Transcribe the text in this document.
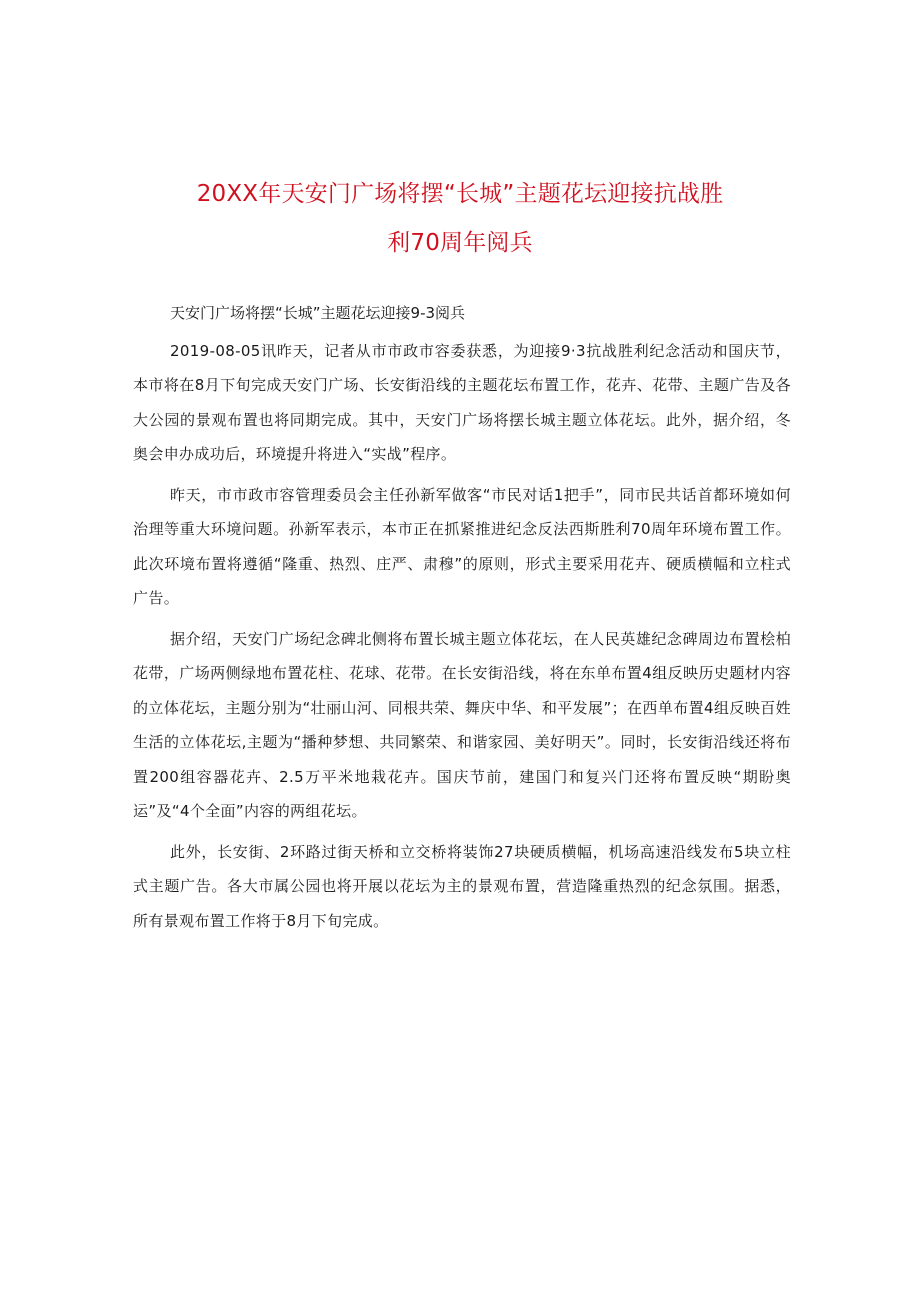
20XX年天安门广场将摆“长城”主题花坛迎接抗战胜
利70周年阅兵

天安门广场将摆“长城”主题花坛迎接9-3阅兵

2019-08-05讯昨天，记者从市市政市容委获悉，为迎接9·3抗战胜利纪念活动和国庆节，本市将在8月下旬完成天安门广场、长安街沿线的主题花坛布置工作，花卉、花带、主题广告及各大公园的景观布置也将同期完成。其中，天安门广场将摆长城主题立体花坛。此外，据介绍，冬奥会申办成功后，环境提升将进入“实战”程序。

昨天，市市政市容管理委员会主任孙新军做客“市民对话1把手”，同市民共话首都环境如何治理等重大环境问题。孙新军表示，本市正在抓紧推进纪念反法西斯胜利70周年环境布置工作。此次环境布置将遵循“隆重、热烈、庄严、肃穆”的原则，形式主要采用花卉、硬质横幅和立柱式广告。

据介绍，天安门广场纪念碑北侧将布置长城主题立体花坛，在人民英雄纪念碑周边布置桧柏花带，广场两侧绿地布置花柱、花球、花带。在长安街沿线，将在东单布置4组反映历史题材内容的立体花坛，主题分别为“壮丽山河、同根共荣、舞庆中华、和平发展”；在西单布置4组反映百姓生活的立体花坛,主题为“播种梦想、共同繁荣、和谐家园、美好明天”。同时，长安街沿线还将布置200组容器花卉、2.5万平米地栽花卉。国庆节前，建国门和复兴门还将布置反映“期盼奥运”及“4个全面”内容的两组花坛。

此外，长安街、2环路过街天桥和立交桥将装饰27块硬质横幅，机场高速沿线发布5块立柱式主题广告。各大市属公园也将开展以花坛为主的景观布置，营造隆重热烈的纪念氛围。据悉，所有景观布置工作将于8月下旬完成。
